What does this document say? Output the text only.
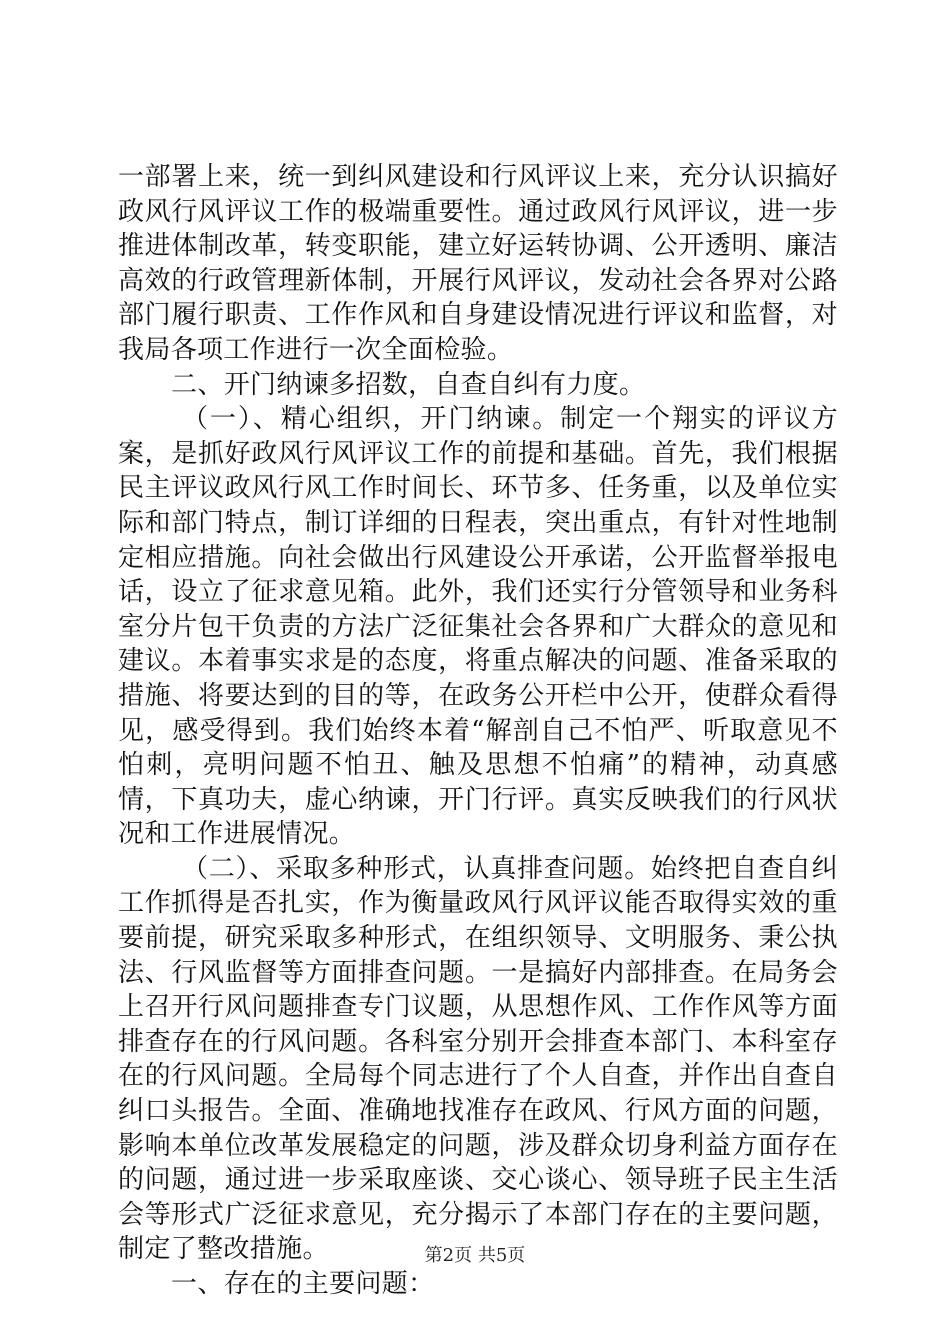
一部署上来，统一到纠风建设和行风评议上来，充分认识搞好政风行风评议工作的极端重要性。通过政风行风评议，进一步推进体制改革，转变职能，建立好运转协调、公开透明、廉洁高效的行政管理新体制，开展行风评议，发动社会各界对公路部门履行职责、工作作风和自身建设情况进行评议和监督，对我局各项工作进行一次全面检验。

二、开门纳谏多招数，自查自纠有力度。

（一）、精心组织，开门纳谏。制定一个翔实的评议方案，是抓好政风行风评议工作的前提和基础。首先，我们根据民主评议政风行风工作时间长、环节多、任务重，以及单位实际和部门特点，制订详细的日程表，突出重点，有针对性地制定相应措施。向社会做出行风建设公开承诺，公开监督举报电话，设立了征求意见箱。此外，我们还实行分管领导和业务科室分片包干负责的方法广泛征集社会各界和广大群众的意见和建议。本着事实求是的态度，将重点解决的问题、准备采取的措施、将要达到的目的等，在政务公开栏中公开，使群众看得见，感受得到。我们始终本着“解剖自己不怕严、听取意见不怕刺，亮明问题不怕丑、触及思想不怕痛”的精神，动真感情，下真功夫，虚心纳谏，开门行评。真实反映我们的行风状况和工作进展情况。

（二）、采取多种形式，认真排查问题。始终把自查自纠工作抓得是否扎实，作为衡量政风行风评议能否取得实效的重要前提，研究采取多种形式，在组织领导、文明服务、秉公执法、行风监督等方面排查问题。一是搞好内部排查。在局务会上召开行风问题排查专门议题，从思想作风、工作作风等方面排查存在的行风问题。各科室分别开会排查本部门、本科室存在的行风问题。全局每个同志进行了个人自查，并作出自查自纠口头报告。全面、准确地找准存在政风、行风方面的问题，影响本单位改革发展稳定的问题，涉及群众切身利益方面存在的问题，通过进一步采取座谈、交心谈心、领导班子民主生活会等形式广泛征求意见，充分揭示了本部门存在的主要问题，制定了整改措施。

一、存在的主要问题：

第2页 共5页
